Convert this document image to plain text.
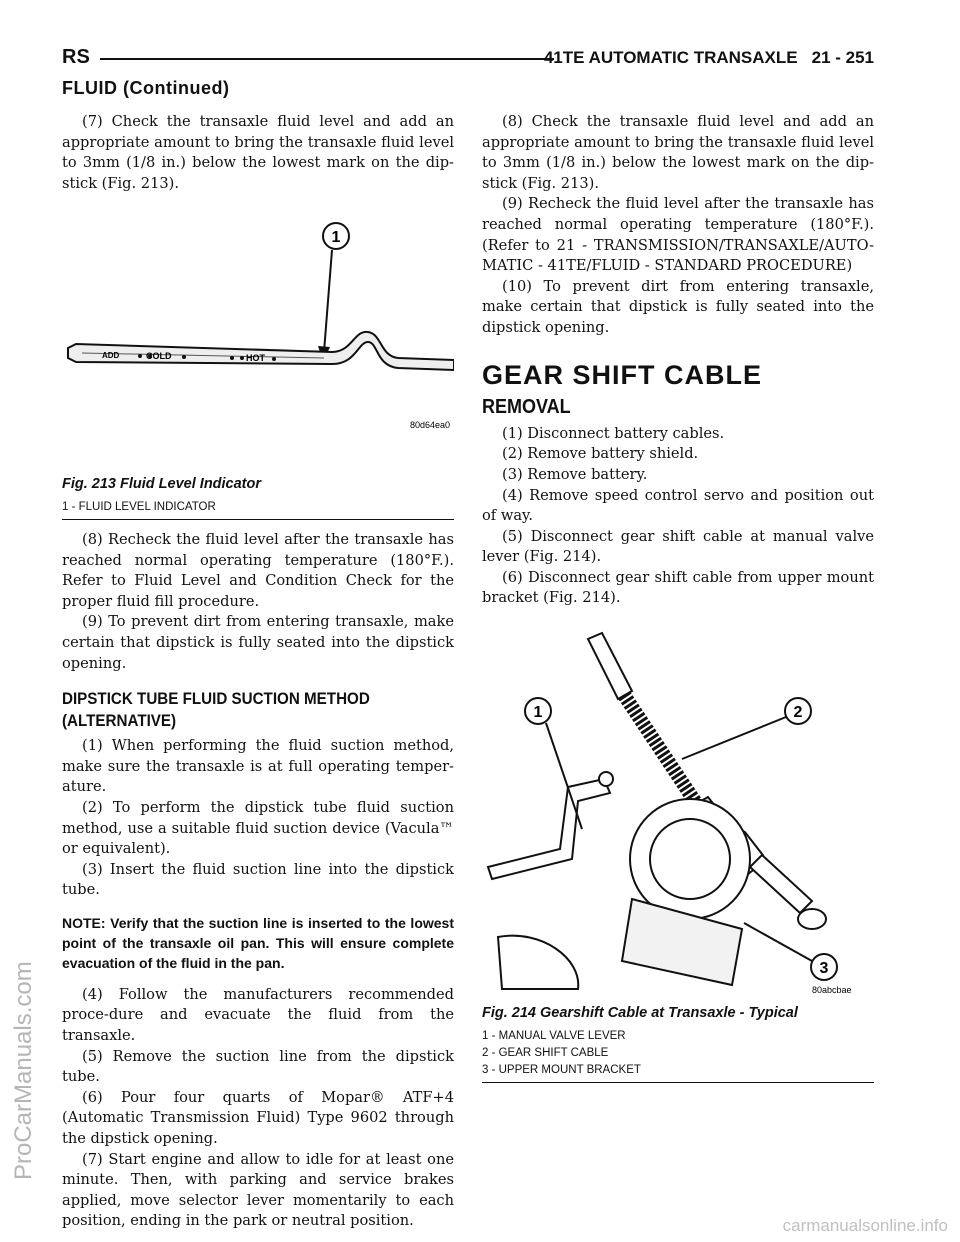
RS	41TE AUTOMATIC TRANSAXLE 21 - 251
FLUID (Continued)

(7) Check the transaxle fluid level and add an appropriate amount to bring the transaxle fluid level to 3mm (1/8 in.) below the lowest mark on the dip-stick (Fig. 213).

1
ADD	COLD	HOT
80d64ea0
Fig. 213 Fluid Level Indicator
1 - FLUID LEVEL INDICATOR

(8) Recheck the fluid level after the transaxle has reached normal operating temperature (180°F.). Refer to Fluid Level and Condition Check for the proper fluid fill procedure.

(9) To prevent dirt from entering transaxle, make certain that dipstick is fully seated into the dipstick opening.

DIPSTICK TUBE FLUID SUCTION METHOD (ALTERNATIVE)

(1) When performing the fluid suction method, make sure the transaxle is at full operating temper-ature.

(2) To perform the dipstick tube fluid suction method, use a suitable fluid suction device (Vacula™ or equivalent).

(3) Insert the fluid suction line into the dipstick tube.

NOTE: Verify that the suction line is inserted to the lowest point of the transaxle oil pan. This will ensure complete evacuation of the fluid in the pan.

(4) Follow the manufacturers recommended proce-dure and evacuate the fluid from the transaxle.

(5) Remove the suction line from the dipstick tube.

(6) Pour four quarts of Mopar® ATF+4 (Automatic Transmission Fluid) Type 9602 through the dipstick opening.

(7) Start engine and allow to idle for at least one minute. Then, with parking and service brakes applied, move selector lever momentarily to each position, ending in the park or neutral position.

(8) Check the transaxle fluid level and add an appropriate amount to bring the transaxle fluid level to 3mm (1/8 in.) below the lowest mark on the dip-stick (Fig. 213).

(9) Recheck the fluid level after the transaxle has reached normal operating temperature (180°F.). (Refer to 21 - TRANSMISSION/TRANSAXLE/AUTO-MATIC - 41TE/FLUID - STANDARD PROCEDURE)

(10) To prevent dirt from entering transaxle, make certain that dipstick is fully seated into the dipstick opening.

GEAR SHIFT CABLE
REMOVAL

(1) Disconnect battery cables.

(2) Remove battery shield.

(3) Remove battery.

(4) Remove speed control servo and position out of way.

(5) Disconnect gear shift cable at manual valve lever (Fig. 214).

(6) Disconnect gear shift cable from upper mount bracket (Fig. 214).

1	2
3
80abcbae
Fig. 214 Gearshift Cable at Transaxle - Typical
1 - MANUAL VALVE LEVER
2 - GEAR SHIFT CABLE
3 - UPPER MOUNT BRACKET
ProCarManuals.com
carmanualsonline.info
